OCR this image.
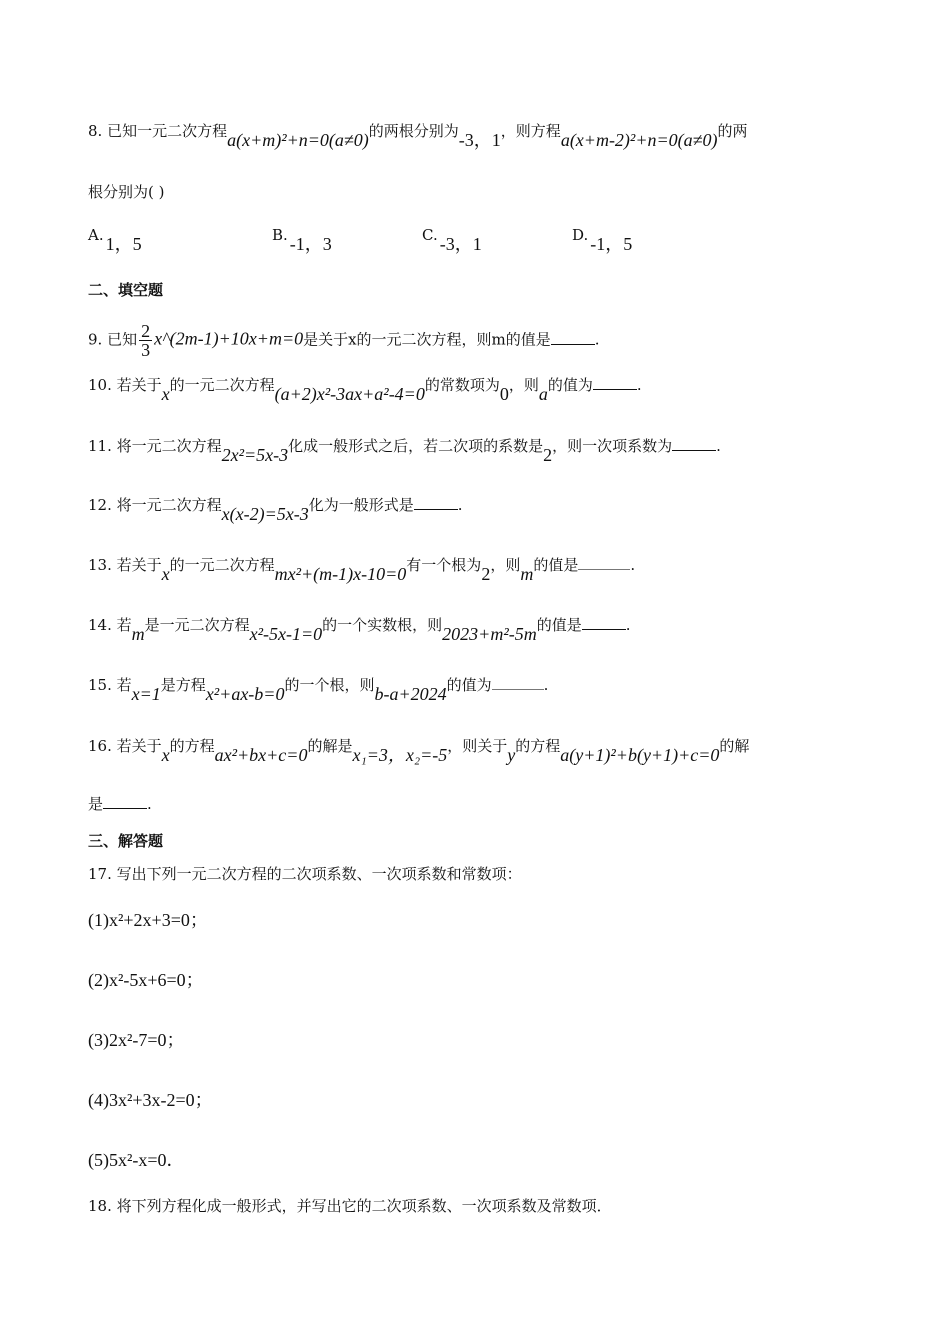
8. 已知一元二次方程a(x+m)²+n=0(a≠0)的两根分别为-3，1，则方程a(x+m-2)²+n=0(a≠0)的两
根分别为( )
A. 1，5	B. -1，3	C. -3，1	D. -1，5
二、填空题
9. 已知 $\frac{2}{3}$ x^(2m-1)+10x+m=0是关于x的一元二次方程，则m的值是	.
10. 若关于x的一元二次方程(a+2)x²-3ax+a²-4=0的常数项为0，则a的值为	.
11. 将一元二次方程2x²=5x-3化成一般形式之后，若二次项的系数是2，则一次项系数为	.
12. 将一元二次方程x(x-2)=5x-3化为一般形式是	.
13. 若关于x的一元二次方程mx²+(m-1)x-10=0有一个根为2，则m的值是	.
14. 若m是一元二次方程x²-5x-1=0的一个实数根，则2023+m²-5m的值是	.
15. 若x=1是方程x²+ax-b=0的一个根，则b-a+2024的值为	.
16. 若关于x的方程ax²+bx+c=0的解是x₁=3，x₂=-5，则关于y的方程a(y+1)²+b(y+1)+c=0的解
是	.
三、解答题
17. 写出下列一元二次方程的二次项系数、一次项系数和常数项：
(1)x²+2x+3=0；
(2)x²-5x+6=0；
(3)2x²-7=0；
(4)3x²+3x-2=0；
(5)5x²-x=0．
18. 将下列方程化成一般形式，并写出它的二次项系数、一次项系数及常数项．
